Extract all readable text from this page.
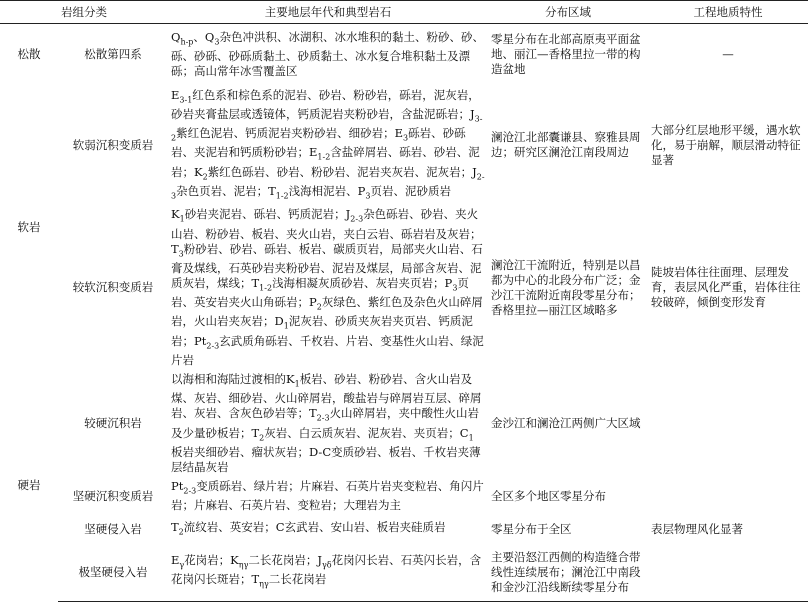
岩组分类		主要地层年代和典型岩石	分布区域	工程地质特性
松散	松散第四系	$Q_{h-p}$、$Q_3$杂色冲洪积、冰湖积、冰水堆积的黏土、粉砂、砂、砾、砂砾、砂砾质黏土、砂质黏土、冰水复合堆积黏土及漂砾；高山常年冰雪覆盖区	零星分布在北部高原夷平面盆地、丽江—香格里拉一带的构造盆地	—
软岩	软弱沉积变质岩	$E_{3-1}$红色系和棕色系的泥岩、砂岩、粉砂岩，砾岩，泥灰岩，砂岩夹膏盐层或透镜体，钙质泥岩夹粉砂岩，含盐泥砾岩；$J_{3-2}$紫红色泥岩、钙质泥岩夹粉砂岩、细砂岩；$E_3$砾岩、砂砾岩、夹泥岩和钙质粉砂岩；$E_{1-2}$含盐碎屑岩、砾岩、砂岩、泥岩；$K_2$紫红色砾岩、砂岩、粉砂岩、泥岩夹灰岩、泥灰岩；$J_{2-3}$杂色页岩、泥岩；$T_{1-2}$浅海相泥岩、$P_3$页岩、泥砂质岩	澜沧江北部囊谦县、察雅县周边；研究区澜沧江南段周边	大部分红层地形平缓，遇水软化，易于崩解，顺层滑动特征显著
	较软沉积变质岩	$K_1$砂岩夹泥岩、砾岩、钙质泥岩；$J_{2-3}$杂色砾岩、砂岩、夹火山岩、粉砂岩、板岩、夹火山岩，夹白云岩、砾岩岩及灰岩；$T_3$粉砂岩、砂岩、砾岩、板岩、碳质页岩，局部夹火山岩、石膏及煤线，石英砂岩夹粉砂岩、泥岩及煤层，局部含灰岩、泥质灰岩，煤线；$T_{1-2}$浅海相凝灰质砂岩、灰岩夹页岩；$P_3$页岩、英安岩夹火山角砾岩；$P_2$灰绿色、紫红色及杂色火山碎屑岩，火山岩夹灰岩；$D_1$泥灰岩、砂质夹灰岩夹页岩、钙质泥岩；$Pt_{2-3}$玄武质角砾岩、千枚岩、片岩、变基性火山岩、绿泥片岩	澜沧江干流附近，特别是以昌都为中心的北段分布广泛；金沙江干流附近南段零星分布；香格里拉—丽江区域略多	陡坡岩体往往面理、层理发育，表层风化严重，岩体往往较破碎，倾倒变形发育
硬岩	较硬沉积岩	以海相和海陆过渡相的$K_1$板岩、砂岩、粉砂岩、含火山岩及煤、灰岩、细砂岩、火山碎屑岩，酸盐岩与碎屑岩互层、碎屑岩、灰岩、含灰色砂岩等；$T_{2-3}$火山碎屑岩，夹中酸性火山岩及少量砂板岩；$T_2$灰岩、白云质灰岩、泥灰岩、夹页岩；$C_1$板岩夹细砂岩、瘤状灰岩；D-C变质砂岩、板岩、千枚岩夹薄层结晶灰岩	金沙江和澜沧江两侧广大区域	
	坚硬沉积变质岩	$Pt_{2-3}$变质砾岩、绿片岩；片麻岩、石英片岩夹变粒岩、角闪片岩；片麻岩、石英片岩、变粒岩；大理岩为主	全区多个地区零星分布	
	坚硬侵入岩	$T_2$流纹岩、英安岩；C玄武岩、安山岩、板岩夹硅质岩	零星分布于全区	表层物理风化显著
	极坚硬侵入岩	$E_\gamma$花岗岩；$K_{\eta\gamma}$二长花岗岩；$J_{\gamma\delta}$花岗闪长岩、石英闪长岩，含花岗闪长斑岩；$T_{\eta\gamma}$二长花岗岩	主要沿怒江西侧的构造缝合带线性连续展布；澜沧江中南段和金沙江沿线断续零星分布	
